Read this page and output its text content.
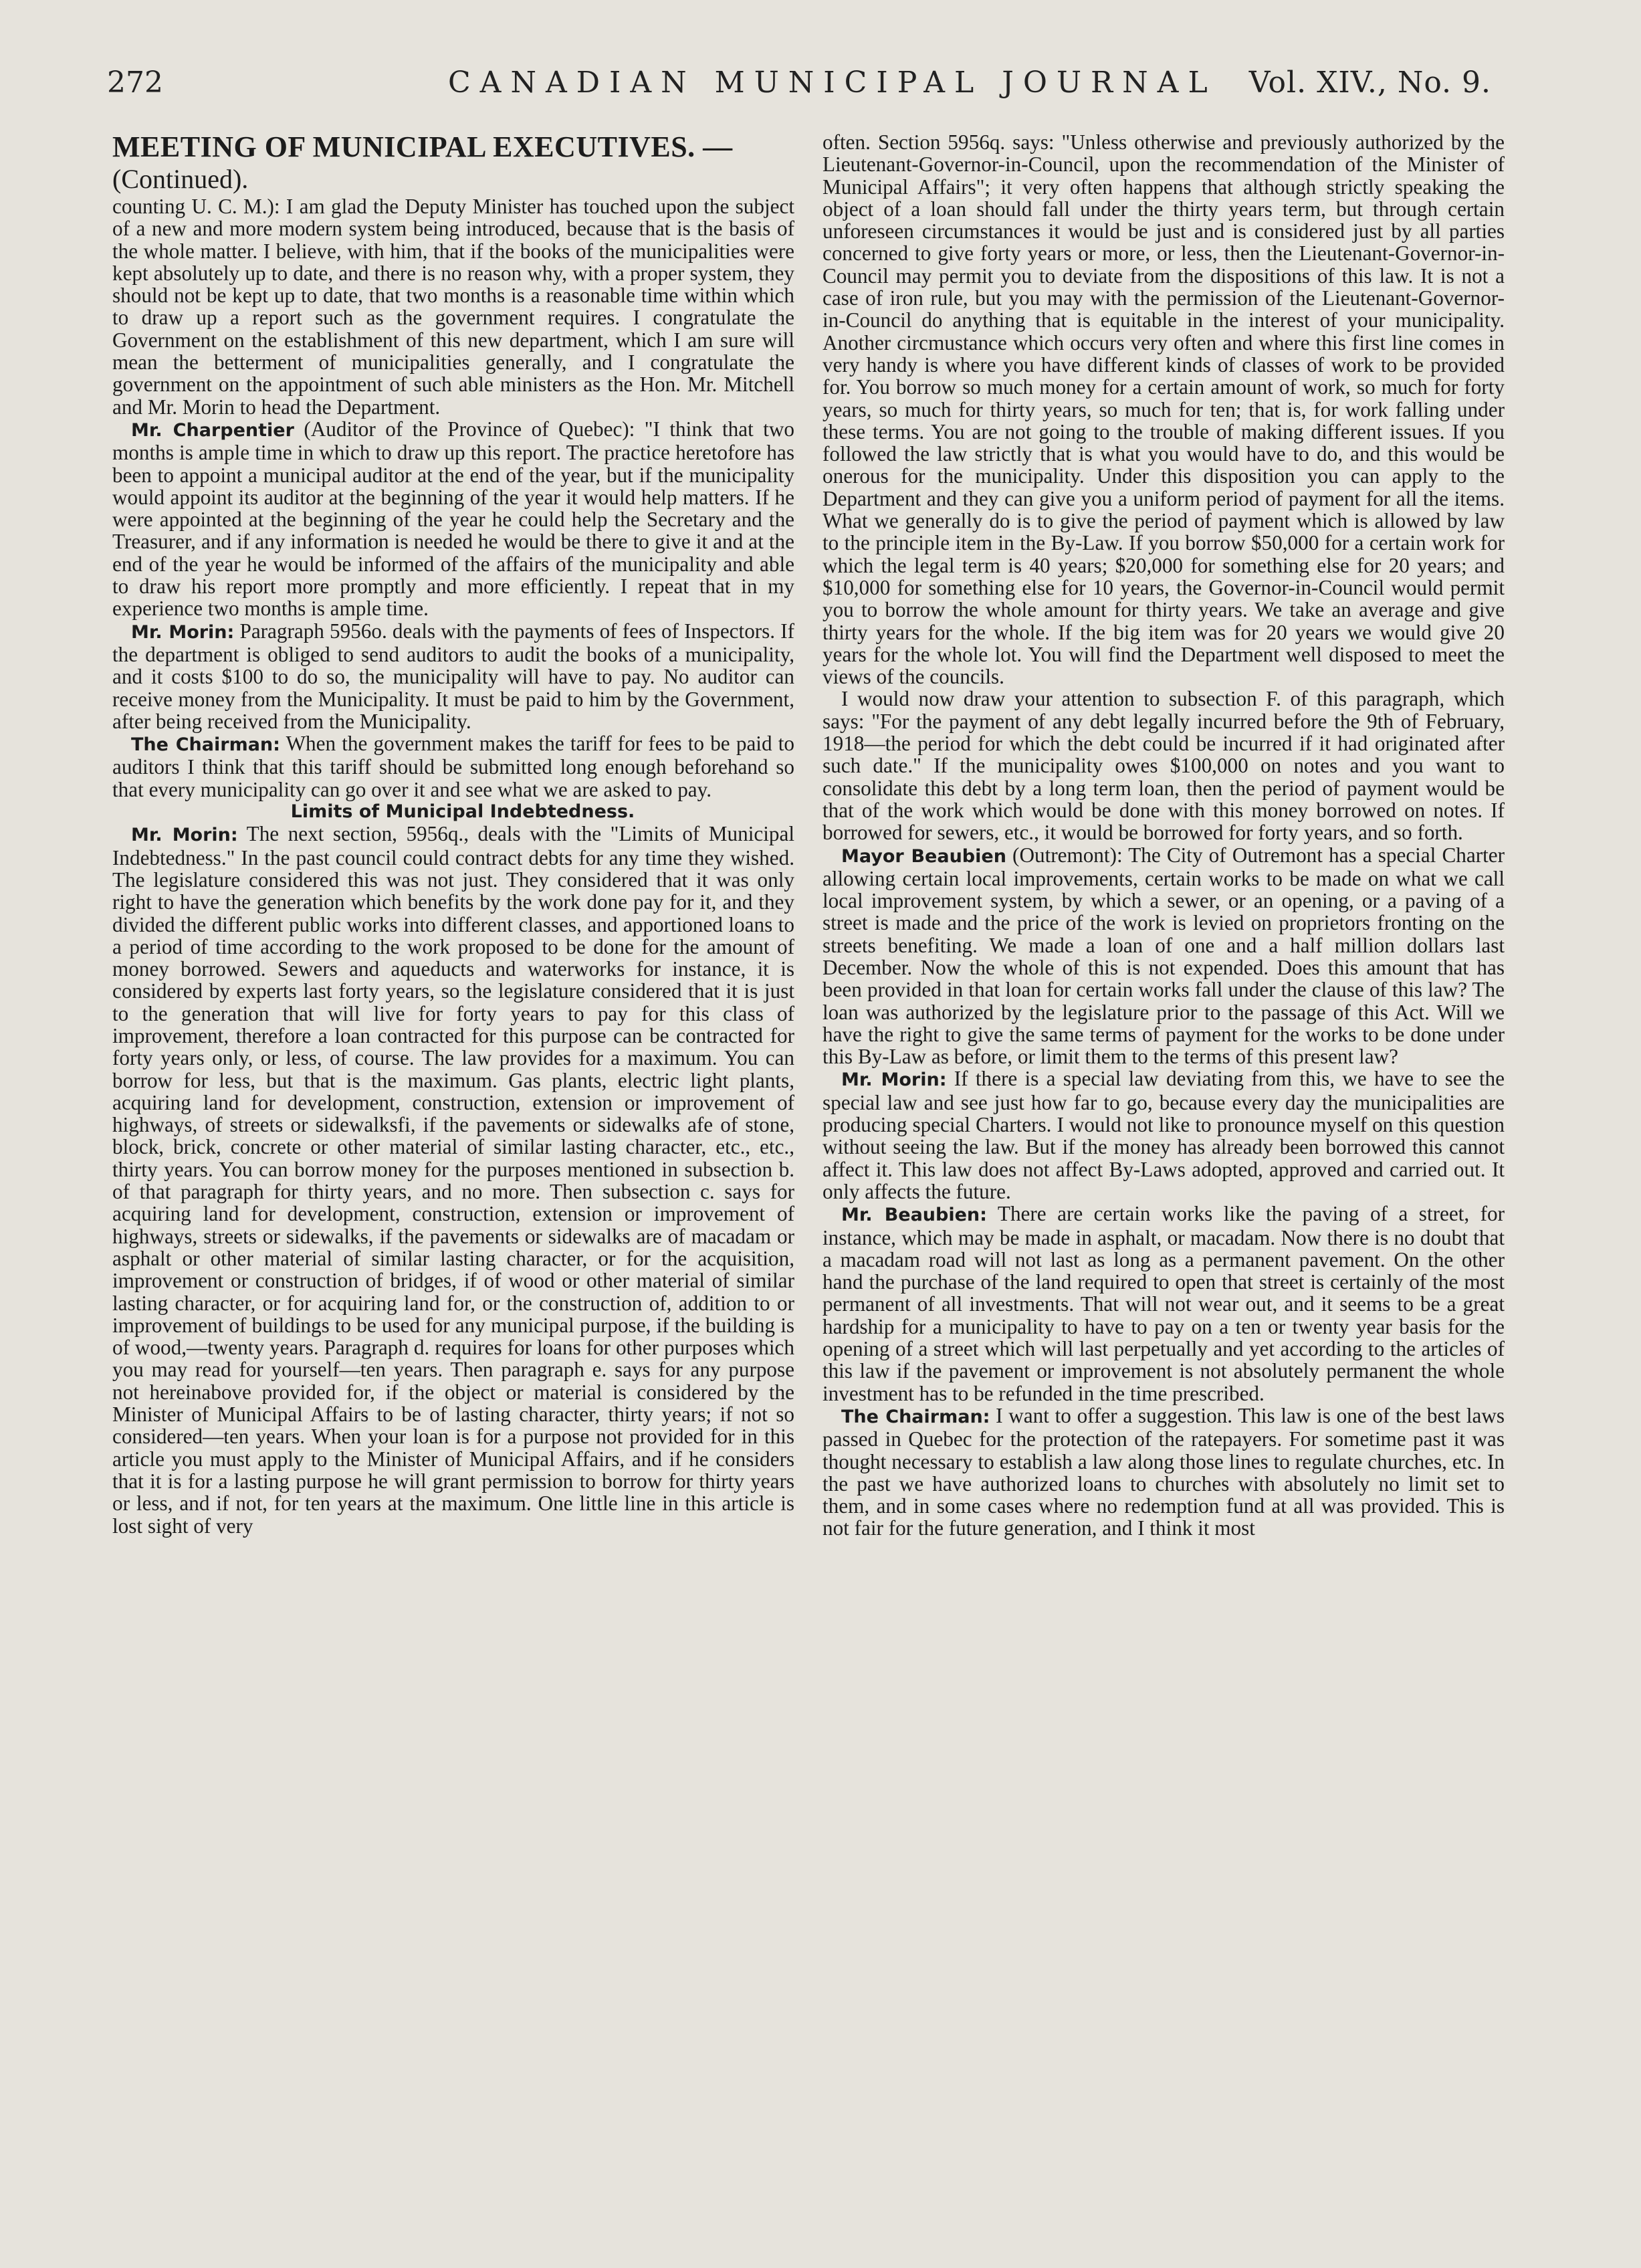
272	CANADIAN MUNICIPAL JOURNAL Vol. XIV., No. 9.

MEETING OF MUNICIPAL EXECUTIVES. —

(Continued).

counting U. C. M.): I am glad the Deputy Minister has touched upon the subject of a new and more modern system being introduced, because that is the basis of the whole matter. I believe, with him, that if the books of the municipalities were kept absolutely up to date, and there is no reason why, with a proper system, they should not be kept up to date, that two months is a reasonable time within which to draw up a report such as the government requires. I congratulate the Government on the establishment of this new department, which I am sure will mean the betterment of municipalities generally, and I congratulate the government on the appointment of such able ministers as the Hon. Mr. Mitchell and Mr. Morin to head the Department.

Mr. Charpentier (Auditor of the Province of Quebec): "I think that two months is ample time in which to draw up this report. The practice heretofore has been to appoint a municipal auditor at the end of the year, but if the municipality would appoint its auditor at the beginning of the year it would help matters. If he were appointed at the beginning of the year he could help the Secretary and the Treasurer, and if any information is needed he would be there to give it and at the end of the year he would be informed of the affairs of the municipality and able to draw his report more promptly and more efficiently. I repeat that in my experience two months is ample time.

Mr. Morin: Paragraph 5956o. deals with the payments of fees of Inspectors. If the department is obliged to send auditors to audit the books of a municipality, and it costs $100 to do so, the municipality will have to pay. No auditor can receive money from the Municipality. It must be paid to him by the Government, after being received from the Municipality.

The Chairman: When the government makes the tariff for fees to be paid to auditors I think that this tariff should be submitted long enough beforehand so that every municipality can go over it and see what we are asked to pay.

Limits of Municipal Indebtedness.

Mr. Morin: The next section, 5956q., deals with the "Limits of Municipal Indebtedness." In the past council could contract debts for any time they wished. The legislature considered this was not just. They considered that it was only right to have the generation which benefits by the work done pay for it, and they divided the different public works into different classes, and apportioned loans to a period of time according to the work proposed to be done for the amount of money borrowed. Sewers and aqueducts and waterworks for instance, it is considered by experts last forty years, so the legislature considered that it is just to the generation that will live for forty years to pay for this class of improvement, therefore a loan contracted for this purpose can be contracted for forty years only, or less, of course. The law provides for a maximum. You can borrow for less, but that is the maximum. Gas plants, electric light plants, acquiring land for development, construction, extension or improvement of highways, of streets or sidewalksfi, if the pavements or sidewalks afe of stone, block, brick, concrete or other material of similar lasting character, etc., etc., thirty years. You can borrow money for the purposes mentioned in subsection b. of that paragraph for thirty years, and no more. Then subsection c. says for acquiring land for development, construction, extension or improvement of highways, streets or sidewalks, if the pavements or sidewalks are of macadam or asphalt or other material of similar lasting character, or for the acquisition, improvement or construction of bridges, if of wood or other material of similar lasting character, or for acquiring land for, or the construction of, addition to or improvement of buildings to be used for any municipal purpose, if the building is of wood,—twenty years. Paragraph d. requires for loans for other purposes which you may read for yourself—ten years. Then paragraph e. says for any purpose not hereinabove provided for, if the object or material is considered by the Minister of Municipal Affairs to be of lasting character, thirty years; if not so considered—ten years. When your loan is for a purpose not provided for in this article you must apply to the Minister of Municipal Affairs, and if he considers that it is for a lasting purpose he will grant permission to borrow for thirty years or less, and if not, for ten years at the maximum. One little line in this article is lost sight of very

often. Section 5956q. says: "Unless otherwise and previously authorized by the Lieutenant-Governor-in-Council, upon the recommendation of the Minister of Municipal Affairs"; it very often happens that although strictly speaking the object of a loan should fall under the thirty years term, but through certain unforeseen circumstances it would be just and is considered just by all parties concerned to give forty years or more, or less, then the Lieutenant-Governor-in-Council may permit you to deviate from the dispositions of this law. It is not a case of iron rule, but you may with the permission of the Lieutenant-Governor-in-Council do anything that is equitable in the interest of your municipality. Another circmustance which occurs very often and where this first line comes in very handy is where you have different kinds of classes of work to be provided for. You borrow so much money for a certain amount of work, so much for forty years, so much for thirty years, so much for ten; that is, for work falling under these terms. You are not going to the trouble of making different issues. If you followed the law strictly that is what you would have to do, and this would be onerous for the municipality. Under this disposition you can apply to the Department and they can give you a uniform period of payment for all the items. What we generally do is to give the period of payment which is allowed by law to the principle item in the By-Law. If you borrow $50,000 for a certain work for which the legal term is 40 years; $20,000 for something else for 20 years; and $10,000 for something else for 10 years, the Governor-in-Council would permit you to borrow the whole amount for thirty years. We take an average and give thirty years for the whole. If the big item was for 20 years we would give 20 years for the whole lot. You will find the Department well disposed to meet the views of the councils.

I would now draw your attention to subsection F. of this paragraph, which says: "For the payment of any debt legally incurred before the 9th of February, 1918—the period for which the debt could be incurred if it had originated after such date." If the municipality owes $100,000 on notes and you want to consolidate this debt by a long term loan, then the period of payment would be that of the work which would be done with this money borrowed on notes. If borrowed for sewers, etc., it would be borrowed for forty years, and so forth.

Mayor Beaubien (Outremont): The City of Outremont has a special Charter allowing certain local improvements, certain works to be made on what we call local improvement system, by which a sewer, or an opening, or a paving of a street is made and the price of the work is levied on proprietors fronting on the streets benefiting. We made a loan of one and a half million dollars last December. Now the whole of this is not expended. Does this amount that has been provided in that loan for certain works fall under the clause of this law? The loan was authorized by the legislature prior to the passage of this Act. Will we have the right to give the same terms of payment for the works to be done under this By-Law as before, or limit them to the terms of this present law?

Mr. Morin: If there is a special law deviating from this, we have to see the special law and see just how far to go, because every day the municipalities are producing special Charters. I would not like to pronounce myself on this question without seeing the law. But if the money has already been borrowed this cannot affect it. This law does not affect By-Laws adopted, approved and carried out. It only affects the future.

Mr. Beaubien: There are certain works like the paving of a street, for instance, which may be made in asphalt, or macadam. Now there is no doubt that a macadam road will not last as long as a permanent pavement. On the other hand the purchase of the land required to open that street is certainly of the most permanent of all investments. That will not wear out, and it seems to be a great hardship for a municipality to have to pay on a ten or twenty year basis for the opening of a street which will last perpetually and yet according to the articles of this law if the pavement or improvement is not absolutely permanent the whole investment has to be refunded in the time prescribed.

The Chairman: I want to offer a suggestion. This law is one of the best laws passed in Quebec for the protection of the ratepayers. For sometime past it was thought necessary to establish a law along those lines to regulate churches, etc. In the past we have authorized loans to churches with absolutely no limit set to them, and in some cases where no redemption fund at all was provided. This is not fair for the future generation, and I think it most
